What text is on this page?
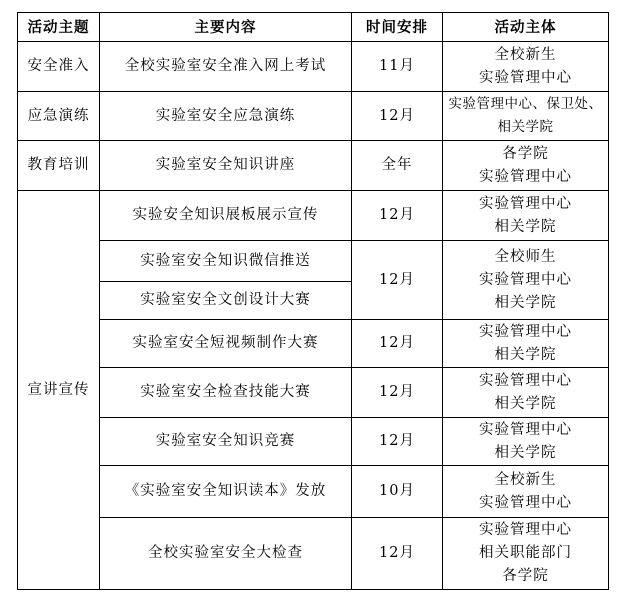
活动主题	主要内容	时间安排	活动主体
安全准入	全校实验室安全准入网上考试	11月	全校新生
实验管理中心

应急演练	实验室安全应急演练	12月	实验管理中心、保卫处、
相关学院

教育培训	实验室安全知识讲座	全年	各学院
实验管理中心

宣讲宣传	实验安全知识展板展示宣传	12月	实验管理中心
相关学院

	实验室安全知识微信推送	12月	全校师生
实验管理中心
相关学院

	实验室安全文创设计大赛		
	实验室安全短视频制作大赛	12月	实验管理中心
相关学院

	实验室安全检查技能大赛	12月	实验管理中心
相关学院

	实验室安全知识竞赛	12月	实验管理中心
相关学院

	《实验室安全知识读本》发放	10月	全校新生
实验管理中心

	全校实验室安全大检查	12月	实验管理中心
相关职能部门
各学院
